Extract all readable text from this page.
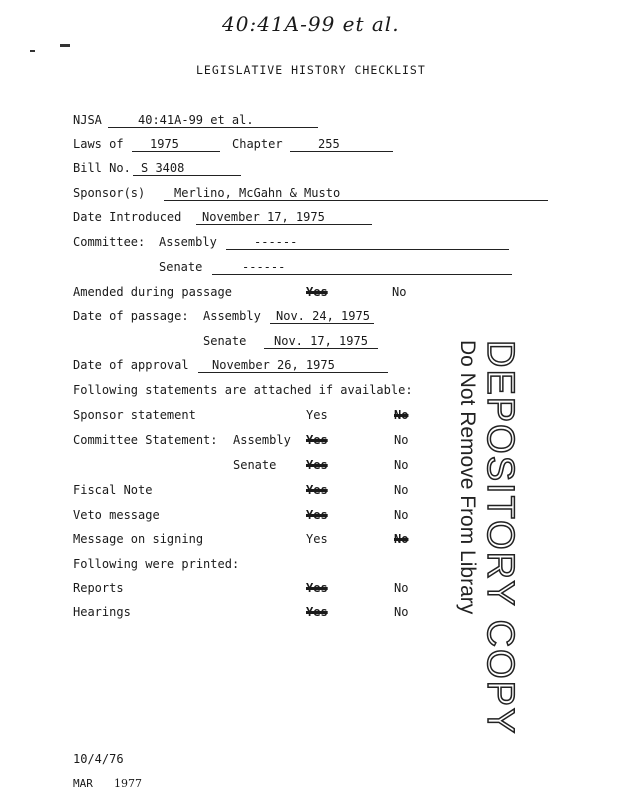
40:41A-99 et al.
LEGISLATIVE HISTORY CHECKLIST
NJSA	40:41A-99 et al.
Laws of	1975	Chapter	255
Bill No. S 3408
Sponsor(s)	Merlino, McGahn & Musto
Date Introduced	November 17, 1975
Committee: Assembly	------
Senate	------
Amended during passage	Yes	No
Date of passage: Assembly	Nov. 24, 1975
Senate	Nov. 17, 1975
Date of approval	November 26, 1975
Following statements are attached if available:
Sponsor statement	Yes	No
Committee Statement: Assembly Yes	No
Senate Yes	No
Fiscal Note	Yes	No
Veto message	Yes	No
Message on signing	Yes	No
Following were printed:
Reports	Yes	No
Hearings	Yes	No DEPOSITORY COPY
Do Not Remove From Library
10/4/76
MAR 1977
